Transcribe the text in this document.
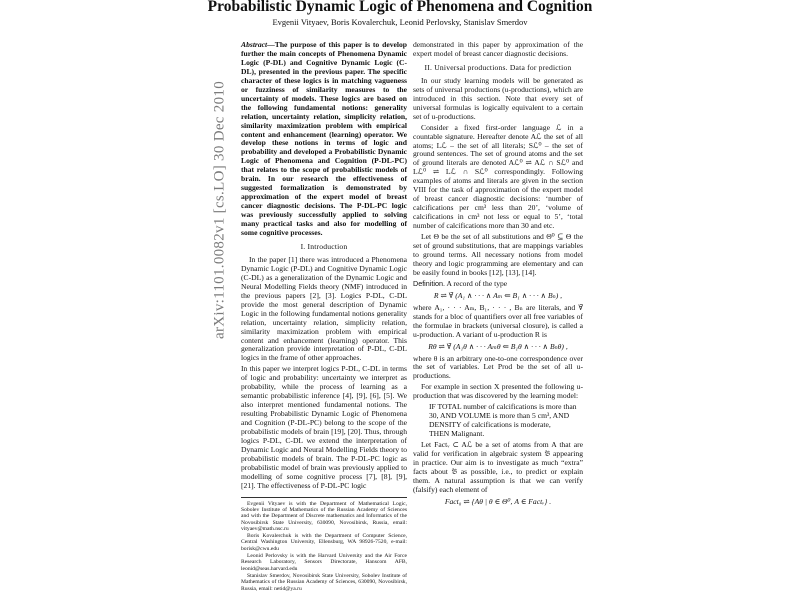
arXiv:1101.0082v1 [cs.LO] 30 Dec 2010
Probabilistic Dynamic Logic of Phenomena and Cognition
Evgenii Vityaev, Boris Kovalerchuk, Leonid Perlovsky, Stanislav Smerdov

Abstract—The purpose of this paper is to develop further the main concepts of Phenomena Dynamic Logic (P-DL) and Cognitive Dynamic Logic (C-DL), presented in the previous paper. The specific character of these logics is in matching vagueness or fuzziness of similarity measures to the uncertainty of models. These logics are based on the following fundamental notions: generality relation, uncertainty relation, simplicity relation, similarity maximization problem with empirical content and enhancement (learning) operator. We develop these notions in terms of logic and probability and developed a Probabilistic Dynamic Logic of Phenomena and Cognition (P-DL-PC) that relates to the scope of probabilistic models of brain. In our research the effectiveness of suggested formalization is demonstrated by approximation of the expert model of breast cancer diagnostic decisions. The P-DL-PC logic was previously successfully applied to solving many practical tasks and also for modelling of some cognitive processes.

I. Introduction

In the paper [1] there was introduced a Phenomena Dynamic Logic (P-DL) and Cognitive Dynamic Logic (C-DL) as a generalization of the Dynamic Logic and Neural Modelling Fields theory (NMF) introduced in the previous papers [2], [3]. Logics P-DL, C-DL provide the most general description of Dynamic Logic in the following fundamental notions generality relation, uncertainty relation, simplicity relation, similarity maximization problem with empirical content and enhancement (learning) operator. This generalization provide interpretation of P-DL, C-DL logics in the frame of other approaches.

In this paper we interpret logics P-DL, C-DL in terms of logic and probability: uncertainty we interpret as probability, while the process of learning as a semantic probabilistic inference [4], [9], [6], [5]. We also interpret mentioned fundamental notions. The resulting Probabilistic Dynamic Logic of Phenomena and Cognition (P-DL-PC) belong to the scope of the probabilistic models of brain [19], [20]. Thus, through logics P-DL, C-DL we extend the interpretation of Dynamic Logic and Neural Modelling Fields theory to probabilistic models of brain. The P-DL-PC logic as probabilistic model of brain was previously applied to modelling of some cognitive process [7], [8], [9], [21]. The effectiveness of P-DL-PC logic

Evgenii Vityaev is with the Department of Mathematical Logic, Sobolev Institute of Mathematics of the Russian Academy of Sciences and with the Department of Discrete mathematics and Informatics of the Novosibirsk State University, 630090, Novosibirsk, Russia, email: vityaev@math.nsc.ru

Boris Kovalerchuk is with the Department of Computer Science, Central Washington University, Ellensburg, WA 98926-7520, e-mail: borisk@cwu.edu

Leonid Perlovsky is with the Harvard University and the Air Force Research Laboratory, Sensors Directorate, Hanscom AFB, leonid@seas.harvard.edu

Stanislav Smerdov, Novosibirsk State University, Sobolev Institute of Mathematics of the Russian Academy of Sciences, 630090, Novosibirsk, Russia, email: netid@ya.ru

demonstrated in this paper by approximation of the expert model of breast cancer diagnostic decisions.

II. Universal productions. Data for prediction

In our study learning models will be generated as sets of universal productions (u-productions), which are introduced in this section. Note that every set of universal formulas is logically equivalent to a certain set of u-productions.

Consider a fixed first-order language ℒ in a countable signature. Hereafter denote Aℒ the set of all atoms; Lℒ – the set of all literals; Sℒ⁰ – the set of ground sentences. The set of ground atoms and the set of ground literals are denoted Aℒ⁰ ⇌ Aℒ ∩ Sℒ⁰ and Lℒ⁰ ⇌ Lℒ ∩ Sℒ⁰ correspondingly. Following examples of atoms and literals are given in the section VIII for the task of approximation of the expert model of breast cancer diagnostic decisions: ‘number of calcifications per cm³ less than 20’, ‘volume of calcifications in cm³ not less or equal to 5’, ‘total number of calcifications more than 30 and etc.

Let Θ be the set of all substitutions and Θ⁰ ⊆ Θ the set of ground substitutions, that are mappings variables to ground terms. All necessary notions from model theory and logic programming are elementary and can be easily found in books [12], [13], [14].

Definition. A record of the type

R ⇌ ∀̃ (A₁ ∧ · · · ∧ Aₘ ⇐ B₁ ∧ · · · ∧ Bₙ) ,

where A₁, · · · Aₘ, B₁, · · · , Bₙ are literals, and ∀̃ stands for a bloc of quantifiers over all free variables of the formulae in brackets (universal closure), is called a u-production. A variant of u-production R is

Rθ ⇌ ∀̃ (A₁θ ∧ · · · Aₘθ ⇐ B₁θ ∧ · · · ∧ Bₙθ) ,

where θ is an arbitrary one-to-one correspondence over the set of variables. Let Prod be the set of all u-productions.

For example in section X presented the following u-production that was discovered by the learning model:

IF TOTAL number of calcifications is more than
30, AND VOLUME is more than 5 cm³, AND
DENSITY of calcifications is moderate,
THEN Malignant.

Let Factᵥ ⊂ Aℒ be a set of atoms from A that are valid for verification in algebraic system 𝔅 appearing in practice. Our aim is to investigate as much “extra” facts about 𝔅 as possible, i.e., to predict or explain them. A natural assumption is that we can verify (falsify) each element of

Fact₀ ⇌ {Aθ | θ ∈ Θ⁰, A ∈ Factᵥ} .
